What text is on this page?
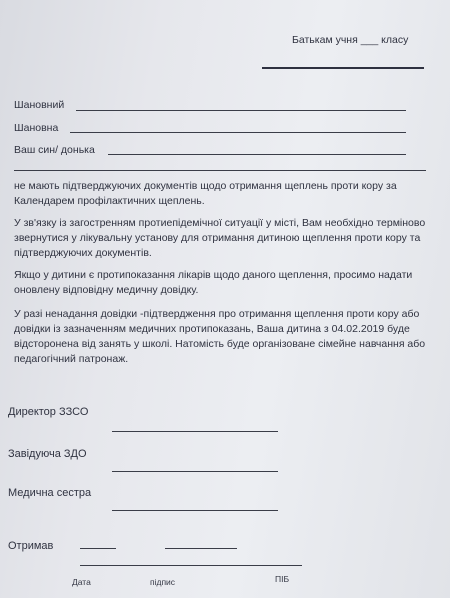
Батькам учня ___ класу
Шановний
Шановна
Ваш син/ донька
не мають підтверджуючих документів щодо отримання щеплень проти кору за Календарем профілактичних щеплень.
У зв'язку із загостренням протиепідемічної ситуації у місті, Вам необхідно терміново звернутися у лікувальну установу для отримання дитиною щеплення проти кору та підтверджуючих документів.
Якщо у дитини є протипоказання лікарів щодо даного щеплення, просимо надати оновлену відповідну медичну довідку.
У разі ненадання довідки -підтвердження про отримання щеплення проти кору або довідки із зазначенням медичних протипоказань, Ваша дитина з 04.02.2019 буде відсторонена від занять у школі. Натомість буде організоване сімейне навчання або педагогічний патронаж.
Директор ЗЗСО
Завідуюча ЗДО
Медична сестра
Отримав
Дата	підпис	ПІБ
